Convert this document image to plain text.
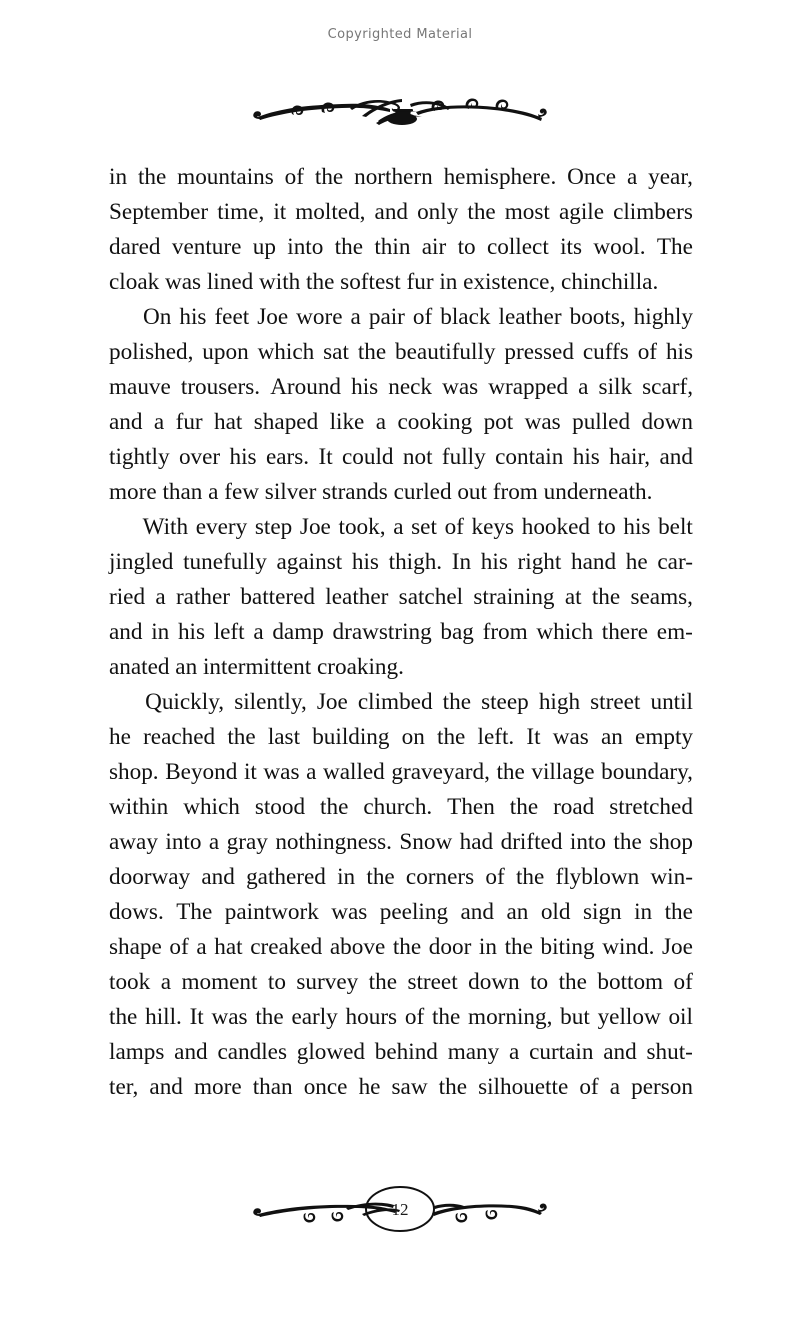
Copyrighted Material

in the mountains of the northern hemisphere. Once a year,
September time, it molted, and only the most agile climbers
dared venture up into the thin air to collect its wool. The
cloak was lined with the softest fur in existence, chinchilla.

On his feet Joe wore a pair of black leather boots, highly
polished, upon which sat the beautifully pressed cuffs of his
mauve trousers. Around his neck was wrapped a silk scarf,
and a fur hat shaped like a cooking pot was pulled down
tightly over his ears. It could not fully contain his hair, and
more than a few silver strands curled out from underneath.

With every step Joe took, a set of keys hooked to his belt
jingled tunefully against his thigh. In his right hand he car-
ried a rather battered leather satchel straining at the seams,
and in his left a damp drawstring bag from which there em-
anated an intermittent croaking.

Quickly, silently, Joe climbed the steep high street until
he reached the last building on the left. It was an empty
shop. Beyond it was a walled graveyard, the village boundary,
within which stood the church. Then the road stretched
away into a gray nothingness. Snow had drifted into the shop
doorway and gathered in the corners of the flyblown win-
dows. The paintwork was peeling and an old sign in the
shape of a hat creaked above the door in the biting wind. Joe
took a moment to survey the street down to the bottom of
the hill. It was the early hours of the morning, but yellow oil
lamps and candles glowed behind many a curtain and shut-
ter, and more than once he saw the silhouette of a person

12
